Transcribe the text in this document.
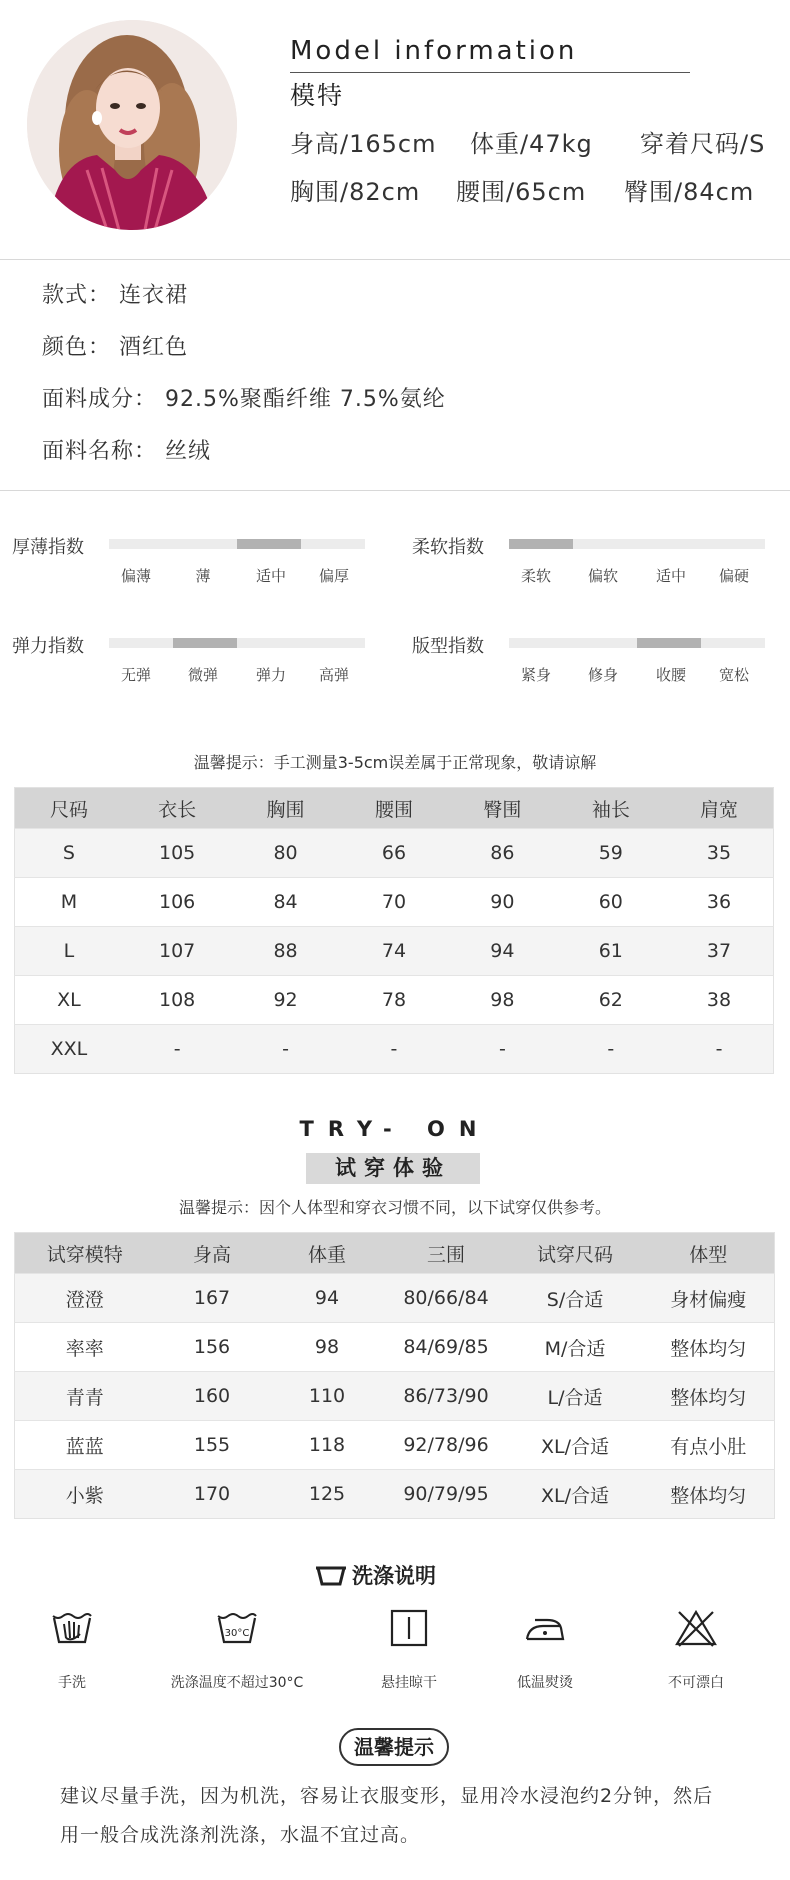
Model information
模特
身高/165cm 体重/47kg 穿着尺码/S
胸围/82cm 腰围/65cm 臀围/84cm
款式： 连衣裙
颜色： 酒红色
面料成分： 92.5%聚酯纤维 7.5%氨纶
面料名称： 丝绒
厚薄指数
偏薄	薄	适中 偏厚
柔软指数
柔软 偏软	适中 偏硬
弹力指数
无弹 微弹	弹力 高弹
版型指数
紧身 修身	收腰 宽松
温馨提示：手工测量3-5cm误差属于正常现象，敬请谅解
尺码	衣长	胸围	腰围	臀围	袖长	肩宽
S	105	80	66	86	59	35
M	106	84	70	90	60	36
L	107	88	74	94	61	37
XL	108	92	78	98	62	38
XXL	-	-	-	-	-	-
TRY- ON
试穿体验
温馨提示：因个人体型和穿衣习惯不同，以下试穿仅供参考。
试穿模特	身高	体重	三围	试穿尺码	体型
澄澄	167	94	80/66/84	S/合适	身材偏瘦
率率	156	98	84/69/85	M/合适	整体均匀
青青	160	110	86/73/90	L/合适	整体均匀
蓝蓝	155	118	92/78/96	XL/合适	有点小肚
小紫	170	125	90/79/95	XL/合适	整体均匀
洗涤说明
手洗
30°C
洗涤温度不超过30°C	悬挂晾干	低温熨烫	不可漂白
温馨提示
建议尽量手洗，因为机洗，容易让衣服变形，显用冷水浸泡约2分钟，然后
用一般合成洗涤剂洗涤，水温不宜过高。
